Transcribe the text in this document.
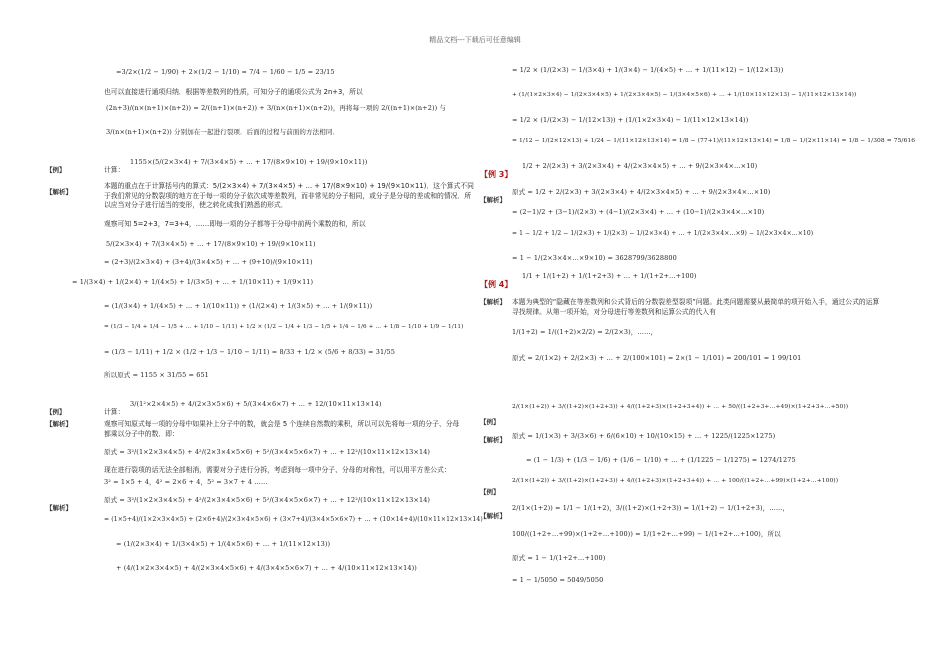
精品文档---下载后可任意编辑
=3/2×(1/2 − 1/90) + 2×(1/2 − 1/10) = 7/4 − 1/60 − 1/5 = 23/15
也可以直接进行通项归纳．根据等差数列的性质，可知分子的通项公式为 2n+3，所以
(2n+3)/(n×(n+1)×(n+2)) = 2/((n+1)×(n+2)) + 3/(n×(n+1)×(n+2))，再将每一项的 2/((n+1)×(n+2)) 与
3/(n×(n+1)×(n+2)) 分别加在一起进行裂项．后面的过程与前面的方法相同．
【例】	计算：
1155×(5/(2×3×4) + 7/(3×4×5) + … + 17/(8×9×10) + 19/(9×10×11))
【解析】
本题的重点在于计算括号内的算式：5/(2×3×4) + 7/(3×4×5) + … + 17/(8×9×10) + 19/(9×10×11)．这个算式不同于我们常见的分数裂项的地方在于每一项的分子依次成等差数列，而非常见的分子相同，或分子是分母的差或和的情况．所以应当对分子进行适当的变形，使之转化成我们熟悉的形式．
观察可知 5=2+3，7=3+4，……即每一项的分子都等于分母中前两个乘数的和，所以
5/(2×3×4) + 7/(3×4×5) + … + 17/(8×9×10) + 19/(9×10×11)
= (2+3)/(2×3×4) + (3+4)/(3×4×5) + … + (9+10)/(9×10×11)
= 1/(3×4) + 1/(2×4) + 1/(4×5) + 1/(3×5) + … + 1/(10×11) + 1/(9×11)
= (1/(3×4) + 1/(4×5) + … + 1/(10×11)) + (1/(2×4) + 1/(3×5) + … + 1/(9×11))
= (1/3 − 1/4 + 1/4 − 1/5 + … + 1/10 − 1/11) + 1/2 × (1/2 − 1/4 + 1/3 − 1/5 + 1/4 − 1/6 + … + 1/8 − 1/10 + 1/9 − 1/11)
= (1/3 − 1/11) + 1/2 × (1/2 + 1/3 − 1/10 − 1/11) = 8/33 + 1/2 × (5/6 + 8/33) = 31/55
所以原式 = 1155 × 31/55 = 651
【例】	计算：
3/(1²×2×4×5) + 4/(2×3×5×6) + 5/(3×4×6×7) + … + 12/(10×11×13×14)
【解析】	观察可知原式每一项的分母中如果补上分子中的数，就会是 5 个连续自然数的乘积，所以可以先将每一项的分子、分母都乘以分子中的数．即：
原式 = 3²/(1×2×3×4×5) + 4²/(2×3×4×5×6) + 5²/(3×4×5×6×7) + … + 12²/(10×11×12×13×14)
现在进行裂项的话无法全部相消，需要对分子进行分拆，考虑到每一项中分子、分母的对称性，可以用平方差公式：
3² = 1×5 + 4，4² = 2×6 + 4，5² = 3×7 + 4 ……
【解析】
原式 = 3²/(1×2×3×4×5) + 4²/(2×3×4×5×6) + 5²/(3×4×5×6×7) + … + 12²/(10×11×12×13×14)
= (1×5+4)/(1×2×3×4×5) + (2×6+4)/(2×3×4×5×6) + (3×7+4)/(3×4×5×6×7) + … + (10×14+4)/(10×11×12×13×14)
= (1/(2×3×4) + 1/(3×4×5) + 1/(4×5×6) + … + 1/(11×12×13))
+ (4/(1×2×3×4×5) + 4/(2×3×4×5×6) + 4/(3×4×5×6×7) + … + 4/(10×11×12×13×14))
= 1/2 × (1/(2×3) − 1/(3×4) + 1/(3×4) − 1/(4×5) + … + 1/(11×12) − 1/(12×13))
+ (1/(1×2×3×4) − 1/(2×3×4×5) + 1/(2×3×4×5) − 1/(3×4×5×6) + … + 1/(10×11×12×13) − 1/(11×12×13×14))
= 1/2 × (1/(2×3) − 1/(12×13)) + (1/(1×2×3×4) − 1/(11×12×13×14))
= 1/12 − 1/(2×12×13) + 1/24 − 1/(11×12×13×14) = 1/8 − (77+1)/(11×12×13×14) = 1/8 − 1/(2×11×14) = 1/8 − 1/308 = 75/616
【例 3】
1/2 + 2/(2×3) + 3/(2×3×4) + 4/(2×3×4×5) + … + 9/(2×3×4×…×10)
【解析】
原式 = 1/2 + 2/(2×3) + 3/(2×3×4) + 4/(2×3×4×5) + … + 9/(2×3×4×…×10)
= (2−1)/2 + (3−1)/(2×3) + (4−1)/(2×3×4) + … + (10−1)/(2×3×4×…×10)
= 1 − 1/2 + 1/2 − 1/(2×3) + 1/(2×3) − 1/(2×3×4) + … + 1/(2×3×4×…×9) − 1/(2×3×4×…×10)
= 1 − 1/(2×3×4×…×9×10) = 3628799/3628800
【例 4】
1/1 + 1/(1+2) + 1/(1+2+3) + … + 1/(1+2+…+100)
【解析】 本题为典型的“隐藏在等差数列和公式背后的分数裂差型裂项”问题。此类问题需要从最简单的项开始入手，通过公式的运算寻找规律。从第一项开始，对分母进行等差数列和运算公式的代入有
1/(1+2) = 1/((1+2)×2/2) = 2/(2×3)，……，
原式 = 2/(1×2) + 2/(2×3) + … + 2/(100×101) = 2×(1 − 1/101) = 200/101 = 1 99/101
【例】
2/(1×(1+2)) + 3/((1+2)×(1+2+3)) + 4/((1+2+3)×(1+2+3+4)) + … + 50/((1+2+3+…+49)×(1+2+3+…+50))
【解析】 原式 = 1/(1×3) + 3/(3×6) + 6/(6×10) + 10/(10×15) + … + 1225/(1225×1275)
= (1 − 1/3) + (1/3 − 1/6) + (1/6 − 1/10) + … + (1/1225 − 1/1275) = 1274/1275
【例】
2/(1×(1+2)) + 3/((1+2)×(1+2+3)) + 4/((1+2+3)×(1+2+3+4)) + … + 100/((1+2+…+99)×(1+2+…+100))
【解析】
2/(1×(1+2)) = 1/1 − 1/(1+2)，3/((1+2)×(1+2+3)) = 1/(1+2) − 1/(1+2+3)，……，
100/((1+2+…+99)×(1+2+…+100)) = 1/(1+2+…+99) − 1/(1+2+…+100)，所以
原式 = 1 − 1/(1+2+…+100)
= 1 − 1/5050 = 5049/5050
